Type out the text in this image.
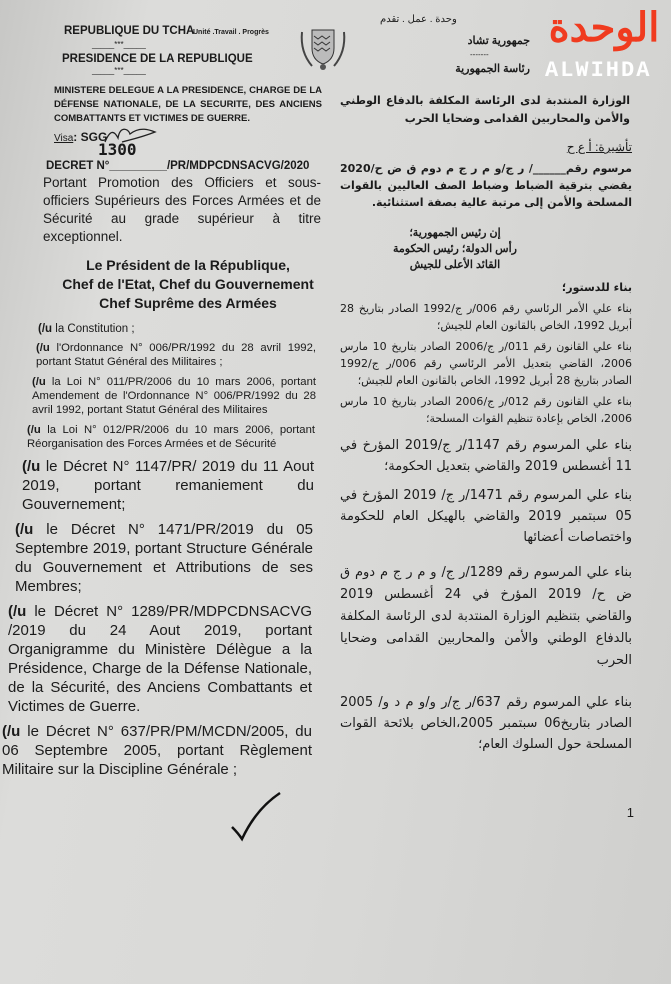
REPUBLIQUE DU TCHA
Unité .Travail . Progrès
_____***_____
PRESIDENCE DE LA REPUBLIQUE
_____***_____
وحدة . عمل . تقدم
جمهورية تشاد
-------
رئاسة الجمهورية
الوحدة
ALWIHDA
MINISTERE DELEGUE A LA PRESIDENCE, CHARGE DE LA DÉFENSE NATIONALE, DE LA SECURITE, DES ANCIENS COMBATTANTS ET VICTIMES DE GUERRE.
Visa: SGG
1300
DECRET N°_________/PR/MDPCDNSACVG/2020
Portant Promotion des Officiers et sous-officiers Supérieurs des Forces Armées et de Sécurité au grade supérieur à titre exceptionnel.
Le Président de la République,
Chef de l'Etat, Chef du Gouvernement
Chef Suprême des Armées
(/u la Constitution ;
(/u l'Ordonnance N° 006/PR/1992 du 28 avril 1992, portant Statut Général des Militaires ;
(/u la Loi N° 011/PR/2006 du 10 mars 2006, portant Amendement de l'Ordonnance N° 006/PR/1992 du 28 avril 1992, portant Statut Général des Militaires
(/u la Loi N° 012/PR/2006 du 10 mars 2006, portant Réorganisation des Forces Armées et de Sécurité
(/u le Décret N° 1147/PR/ 2019 du 11 Aout 2019, portant remaniement du Gouvernement;
(/u le Décret N° 1471/PR/2019 du 05 Septembre 2019, portant Structure Générale du Gouvernement et Attributions de ses Membres;
(/u le Décret N° 1289/PR/MDPCDNSACVG /2019 du 24 Aout 2019, portant Organigramme du Ministère Délègue a la Présidence, Charge de la Défense Nationale, de la Sécurité, des Anciens Combattants et Victimes de Guerre.
(/u le Décret N° 637/PR/PM/MCDN/2005, du 06 Septembre 2005, portant Règlement Militaire sur la Discipline Générale ;
الوزارة المنتدبة لدى الرئاسة المكلفة بالدفاع الوطني والأمن والمحاربين القدامى وضحايا الحرب
تأشيرة: أ ع ح
مرسوم رقم______/ ر ج/و م ر ج م دوم ق ض ح/2020 يقضي بترقية الضباط وضباط الصف العاليين بالقوات المسلحة والأمن إلى مرتبة عالية بصفة استثنائية.
إن رئيس الجمهورية؛
رأس الدولة؛ رئيس الحكومة
القائد الأعلى للجيش
بناء للدستور؛
بناء علي الأمر الرئاسي رقم 006/ر ج/1992 الصادر بتاريخ 28 أبريل 1992، الخاص بالقانون العام للجيش؛
بناء علي القانون رقم 011/ر ج/2006 الصادر بتاريخ 10 مارس 2006، القاضي بتعديل الأمر الرئاسي رقم 006/ر ج/1992 الصادر بتاريخ 28 أبريل 1992، الخاص بالقانون العام للجيش؛
بناء علي القانون رقم 012/ر ج/2006 الصادر بتاريخ 10 مارس 2006، الخاص بإعادة تنظيم القوات المسلحة؛
بناء علي المرسوم رقم 1147/ر ج/2019 المؤرخ في 11 أغسطس 2019 والقاضي بتعديل الحكومة؛
بناء علي المرسوم رقم 1471/ر ج/ 2019 المؤرخ في 05 سبتمبر 2019 والقاضي بالهيكل العام للحكومة واختصاصات أعضائها
بناء علي المرسوم رقم 1289/ر ج/ و م ر ج م دوم ق ض ح/ 2019 المؤرخ في 24 أغسطس 2019 والقاضي بتنظيم الوزارة المنتدبة لدى الرئاسة المكلفة بالدفاع الوطني والأمن والمحاربين القدامى وضحايا الحرب
بناء علي المرسوم رقم 637/ر ج/ر و/و م د و/ 2005 الصادر بتاريخ06 سبتمبر 2005،الخاص بلائحة القوات المسلحة حول السلوك العام؛
1
